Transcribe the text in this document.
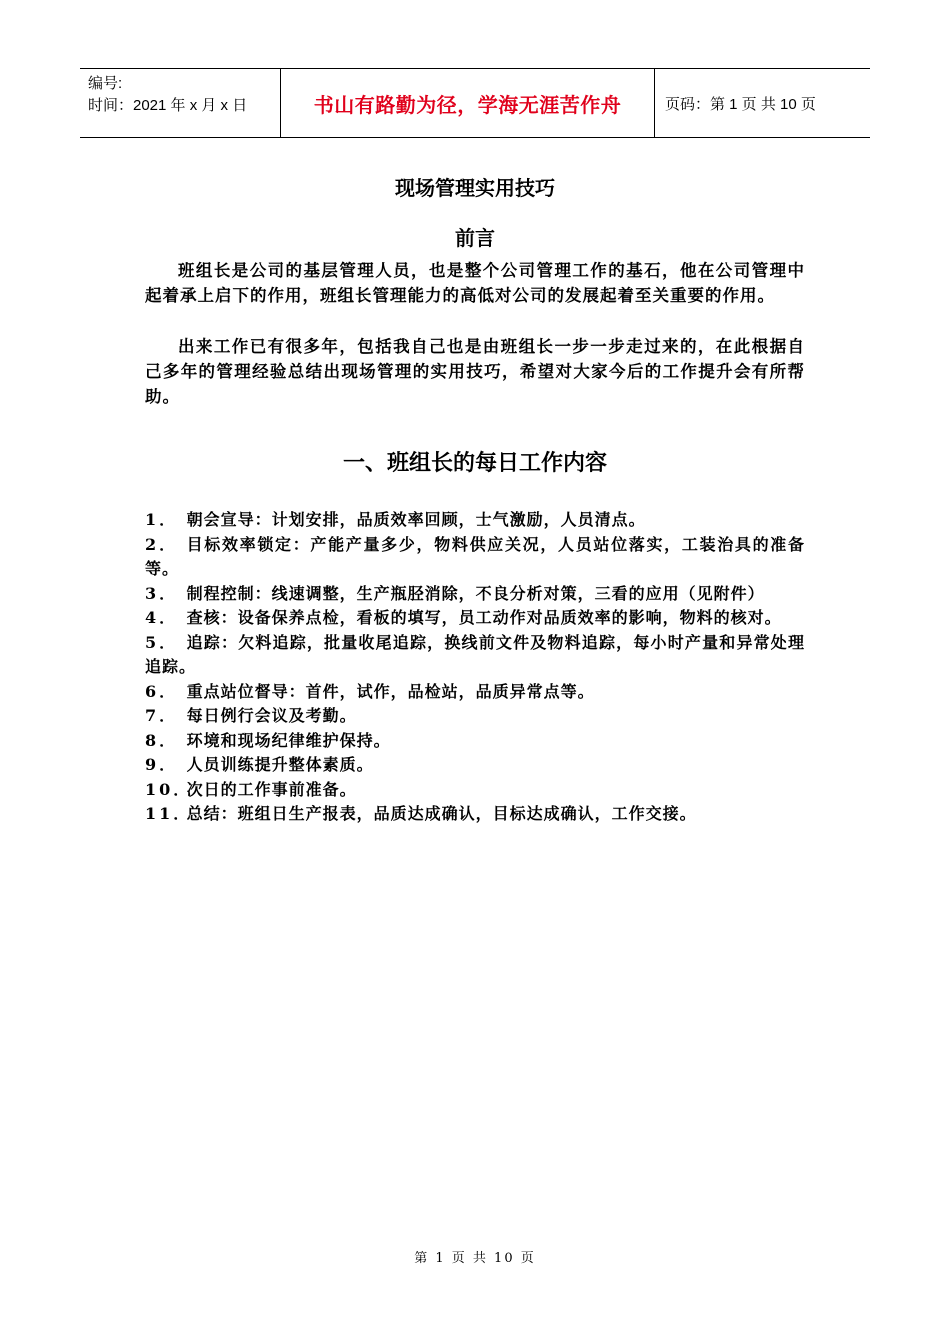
编号:
时间：2021 年 x 月 x 日	书山有路勤为径，学海无涯苦作舟	页码：第 1 页 共 10 页
现场管理实用技巧
前言

班组长是公司的基层管理人员，也是整个公司管理工作的基石，他在公司管理中起着承上启下的作用，班组长管理能力的高低对公司的发展起着至关重要的作用。

出来工作已有很多年，包括我自己也是由班组长一步一步走过来的，在此根据自己多年的管理经验总结出现场管理的实用技巧，希望对大家今后的工作提升会有所帮助。

一、班组长的每日工作内容
1． 朝会宣导：计划安排，品质效率回顾，士气激励，人员清点。
2． 目标效率锁定：产能产量多少，物料供应关况，人员站位落实，工装治具的准备等。
3． 制程控制：线速调整，生产瓶胫消除，不良分析对策，三看的应用（见附件）
4． 查核：设备保养点检，看板的填写，员工动作对品质效率的影响，物料的核对。
5． 追踪：欠料追踪，批量收尾追踪，换线前文件及物料追踪，每小时产量和异常处理追踪。
6． 重点站位督导：首件，试作，品检站，品质异常点等。
7． 每日例行会议及考勤。
8． 环境和现场纪律维护保持。
9． 人员训练提升整体素质。
10．
次日的工作事前准备。
11．
总结：班组日生产报表，品质达成确认，目标达成确认，工作交接。
第 1 页 共 10 页
